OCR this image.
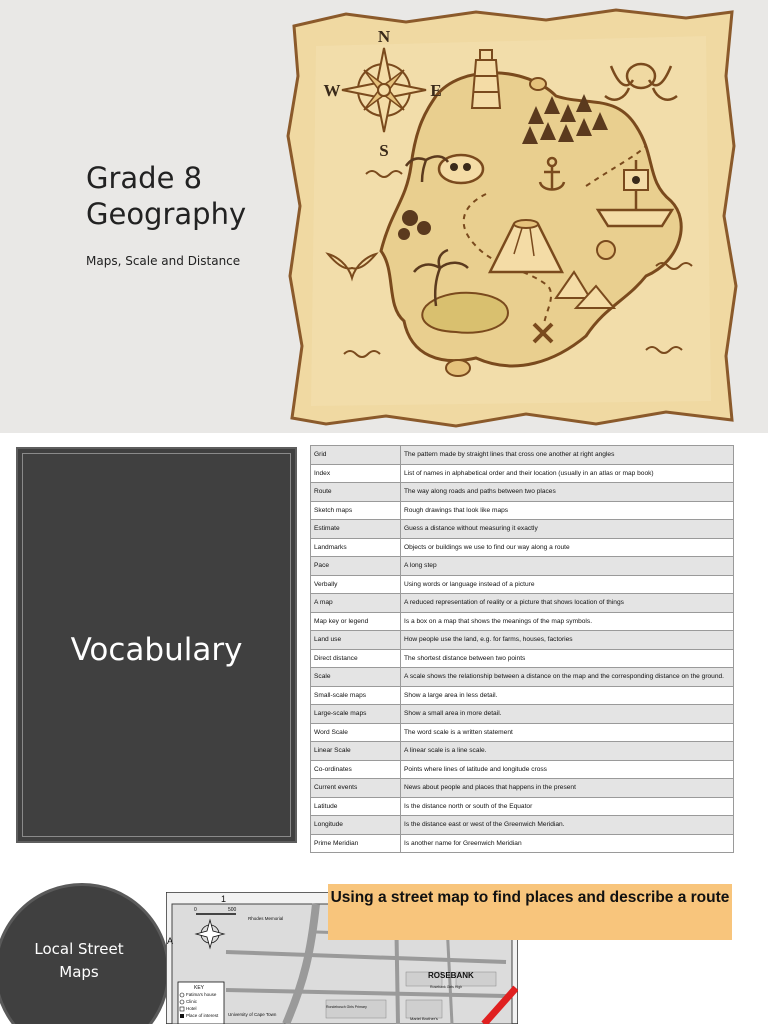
Grade 8
Geography
Maps, Scale and Distance
N
S
E
W
Vocabulary
Grid	The pattern made by straight lines that cross one another at right angles
Index	List of names in alphabetical order and their location (usually in an atlas or map book)
Route	The way along roads and paths between two places
Sketch maps	Rough drawings that look like maps
Estimate	Guess a distance without measuring it exactly
Landmarks	Objects or buildings we use to find our way along a route
Pace	A long step
Verbally	Using words or language instead of a picture
A map	A reduced representation of reality or a picture that shows location of things
Map key or legend	Is a box on a map that shows the meanings of the map symbols.
Land use	How people use the land, e.g. for farms, houses, factories
Direct distance	The shortest distance between two points
Scale	A scale shows the relationship between a distance on the map and the corresponding distance on the ground.
Small-scale maps	Show a large area in less detail.
Large-scale maps	Show a small area in more detail.
Word Scale	The word scale is a written statement
Linear Scale	A linear scale is a line scale.
Co-ordinates	Points where lines of latitude and longitude cross
Current events	News about people and places that happens in the present
Latitude	Is the distance north or south of the Equator
Longitude	Is the distance east or west of the Greenwich Meridian.
Prime Meridian	Is another name for Greenwich Meridian
Local Street
Maps
1
A
0	500
Rhodes Memorial
ROSEBANK
Rosebank Girls High
University of Cape Town
Rondebosch Girls Primary
Mariel Brother's
KEY
Fatima's house
Clinic
Hotel
Place of interest
Using a street map to find places and describe a route
